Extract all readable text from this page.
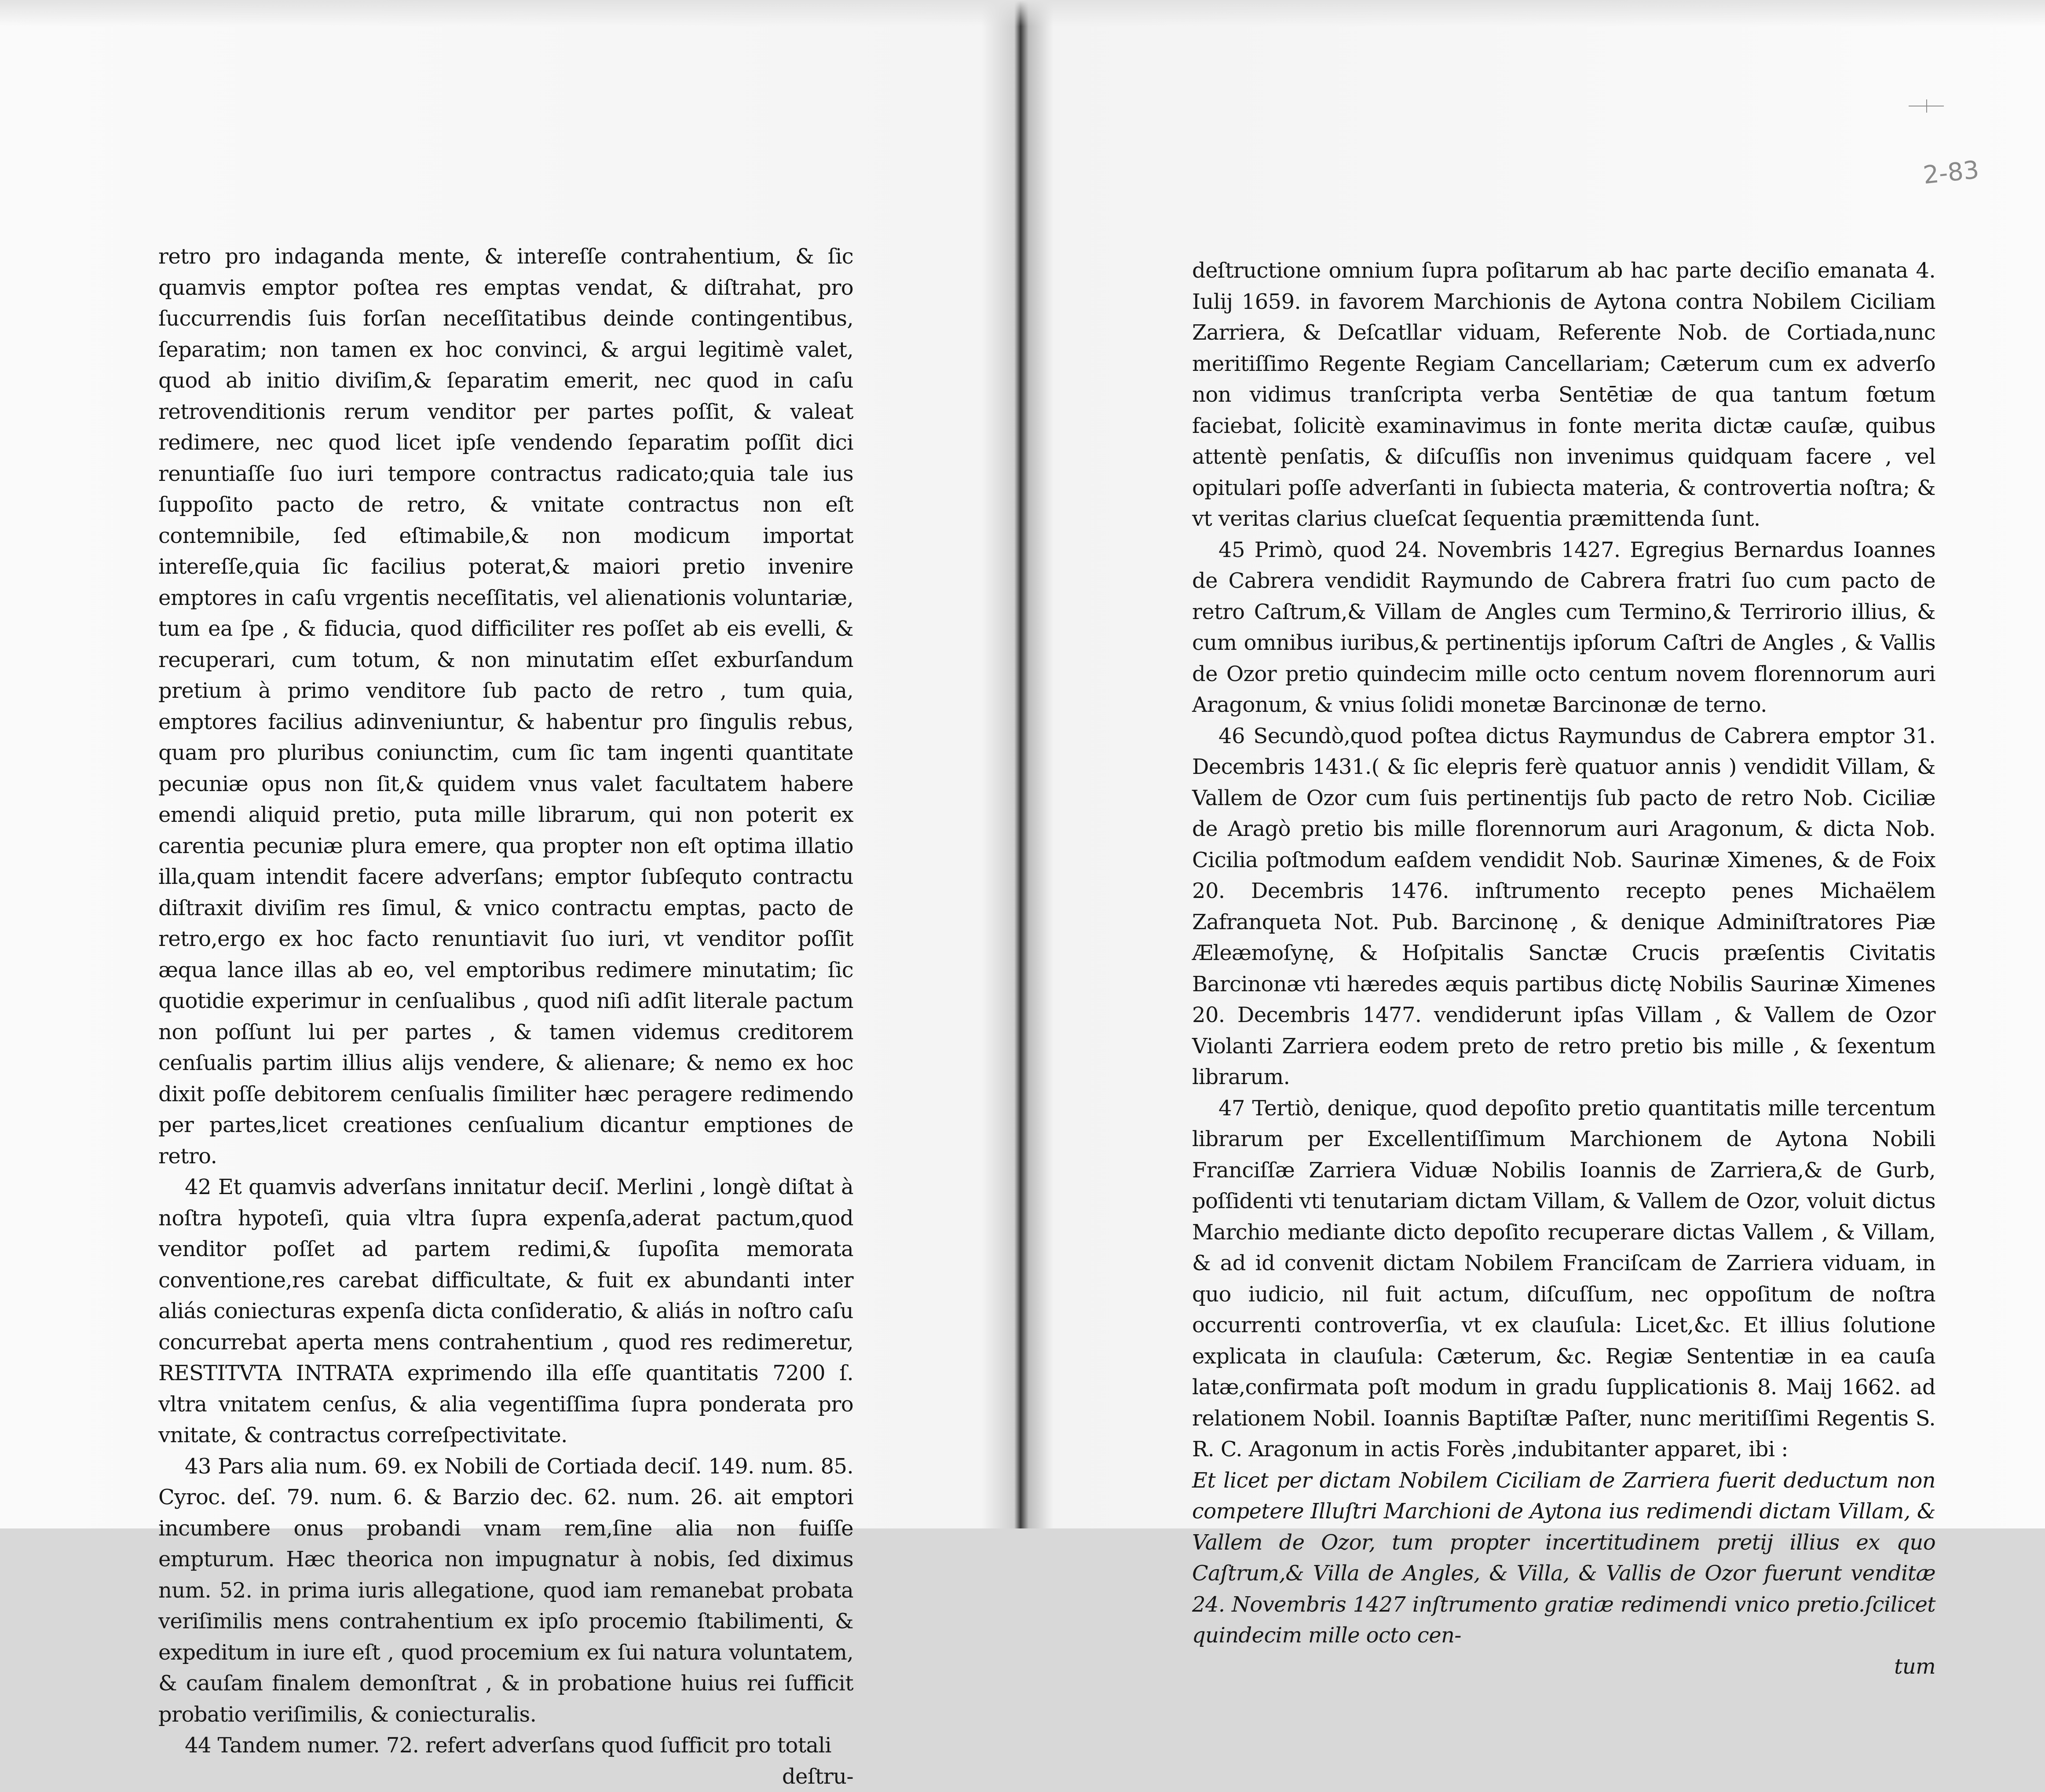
retro pro indaganda mente, & intereſſe contrahentium, & ſic quamvis emptor poſtea res emptas vendat, & diſtrahat, pro ſuccurrendis ſuis forſan neceſſitatibus deinde contingentibus, ſeparatim; non tamen ex hoc convinci, & argui legitimè valet, quod ab initio diviſim,& ſeparatim emerit, nec quod in caſu retrovenditionis rerum venditor per partes poſſit, & valeat redimere, nec quod licet ipſe vendendo ſeparatim poſſit dici renuntiaſſe ſuo iuri tempore contractus radicato;quia tale ius ſuppoſito pacto de retro, & vnitate contractus non eſt contemnibile, ſed eſtimabile,& non modicum importat intereſſe,quia ſic facilius poterat,& maiori pretio invenire emptores in caſu vrgentis neceſſitatis, vel alienationis voluntariæ, tum ea ſpe , & fiducia, quod difficiliter res poſſet ab eis evelli, & recuperari, cum totum, & non minutatim eſſet exburſandum pretium à primo venditore ſub pacto de retro , tum quia, emptores facilius adinveniuntur, & habentur pro ſingulis rebus, quam pro pluribus coniunctim, cum ſic tam ingenti quantitate pecuniæ opus non ſit,& quidem vnus valet facultatem habere emendi aliquid pretio, puta mille librarum, qui non poterit ex carentia pecuniæ plura emere, qua propter non eſt optima illatio illa,quam intendit facere adverſans; emptor ſubſequto contractu diſtraxit diviſim res ſimul, & vnico contractu emptas, pacto de retro,ergo ex hoc facto renuntiavit ſuo iuri, vt venditor poſſit æqua lance illas ab eo, vel emptoribus redimere minutatim; ſic quotidie experimur in cenſualibus , quod niſi adſit literale pactum non poſſunt lui per partes , & tamen videmus creditorem cenſualis partim illius alijs vendere, & alienare; & nemo ex hoc dixit poſſe debitorem cenſualis ſimiliter hæc peragere redimendo per partes,licet creationes cenſualium dicantur emptiones de retro.

42 Et quamvis adverſans innitatur deciſ. Merlini , longè diſtat à noſtra hypoteſi, quia vltra ſupra expenſa,aderat pactum,quod venditor poſſet ad partem redimi,& ſupoſita memorata conventione,res carebat difficultate, & fuit ex abundanti inter aliás coniecturas expenſa dicta conſideratio, & aliás in noſtro caſu concurrebat aperta mens contrahentium , quod res redimeretur, RESTITVTA INTRATA exprimendo illa eſſe quantitatis 7200 ſ. vltra vnitatem cenſus, & alia vegentiſſima ſupra ponderata pro vnitate, & contractus correſpectivitate.

43 Pars alia num. 69. ex Nobili de Cortiada deciſ. 149. num. 85. Cyroc. deſ. 79. num. 6. & Barzio dec. 62. num. 26. ait emptori incumbere onus probandi vnam rem,ſine alia non fuiſſe empturum. Hæc theorica non impugnatur à nobis, ſed diximus num. 52. in prima iuris allegatione, quod iam remanebat probata veriſimilis mens contrahentium ex ipſo procemio ſtabilimenti, & expeditum in iure eſt , quod procemium ex ſui natura voluntatem, & cauſam finalem demonſtrat , & in probatione huius rei ſufficit probatio veriſimilis, & coniecturalis.

44 Tandem numer. 72. refert adverſans quod ſufficit pro totali

deſtru-

2-83

deſtructione omnium ſupra poſitarum ab hac parte deciſio emanata 4. Iulij 1659. in favorem Marchionis de Aytona contra Nobilem Ciciliam Zarriera, & Deſcatllar viduam, Referente Nob. de Cortiada,nunc meritiſſimo Regente Regiam Cancellariam; Cæterum cum ex adverſo non vidimus tranſcripta verba Sentētiæ de qua tantum fœtum faciebat, ſolicitè examinavimus in fonte merita dictæ cauſæ, quibus attentè penſatis, & diſcuſſis non invenimus quidquam facere , vel opitulari poſſe adverſanti in ſubiecta materia, & controvertia noſtra; & vt veritas clarius clueſcat ſequentia præmittenda ſunt.

45 Primò, quod 24. Novembris 1427. Egregius Bernardus Ioannes de Cabrera vendidit Raymundo de Cabrera fratri ſuo cum pacto de retro Caſtrum,& Villam de Angles cum Termino,& Terrirorio illius, & cum omnibus iuribus,& pertinentijs ipſorum Caſtri de Angles , & Vallis de Ozor pretio quindecim mille octo centum novem florennorum auri Aragonum, & vnius ſolidi monetæ Barcinonæ de terno.

46 Secundò,quod poſtea dictus Raymundus de Cabrera emptor 31. Decembris 1431.( & ſic elepris ferè quatuor annis ) vendidit Villam, & Vallem de Ozor cum ſuis pertinentijs ſub pacto de retro Nob. Ciciliæ de Aragò pretio bis mille florennorum auri Aragonum, & dicta Nob. Cicilia poſtmodum eaſdem vendidit Nob. Saurinæ Ximenes, & de Foix 20. Decembris 1476. inſtrumento recepto penes Michaëlem Zafranqueta Not. Pub. Barcinonę , & denique Adminiſtratores Piæ Æleæmoſynę, & Hoſpitalis Sanctæ Crucis præſentis Civitatis Barcinonæ vti hæredes æquis partibus dictę Nobilis Saurinæ Ximenes 20. Decembris 1477. vendiderunt ipſas Villam , & Vallem de Ozor Violanti Zarriera eodem preto de retro pretio bis mille , & ſexentum librarum.

47 Tertiò, denique, quod depoſito pretio quantitatis mille tercentum librarum per Excellentiſſimum Marchionem de Aytona Nobili Franciſſæ Zarriera Viduæ Nobilis Ioannis de Zarriera,& de Gurb, poſſidenti vti tenutariam dictam Villam, & Vallem de Ozor, voluit dictus Marchio mediante dicto depoſito recuperare dictas Vallem , & Villam, & ad id convenit dictam Nobilem Franciſcam de Zarriera viduam, in quo iudicio, nil fuit actum, diſcuſſum, nec oppoſitum de noſtra occurrenti controverſia, vt ex clauſula: Licet,&c. Et illius ſolutione explicata in clauſula: Cæterum, &c. Regiæ Sententiæ in ea cauſa latæ,confirmata poſt modum in gradu ſupplicationis 8. Maij 1662. ad relationem Nobil. Ioannis Baptiſtæ Paſter, nunc meritiſſimi Regentis S. R. C. Aragonum in actis Forès ,indubitanter apparet, ibi :

Et licet per dictam Nobilem Ciciliam de Zarriera fuerit deductum non competere Illuſtri Marchioni de Aytona ius redimendi dictam Villam, & Vallem de Ozor, tum propter incertitudinem pretij illius ex quo Caſtrum,& Villa de Angles, & Villa, & Vallis de Ozor fuerunt venditæ 24. Novembris 1427 inſtrumento gratiæ redimendi vnico pretio.ſcilicet quindecim mille octo cen-

tum
